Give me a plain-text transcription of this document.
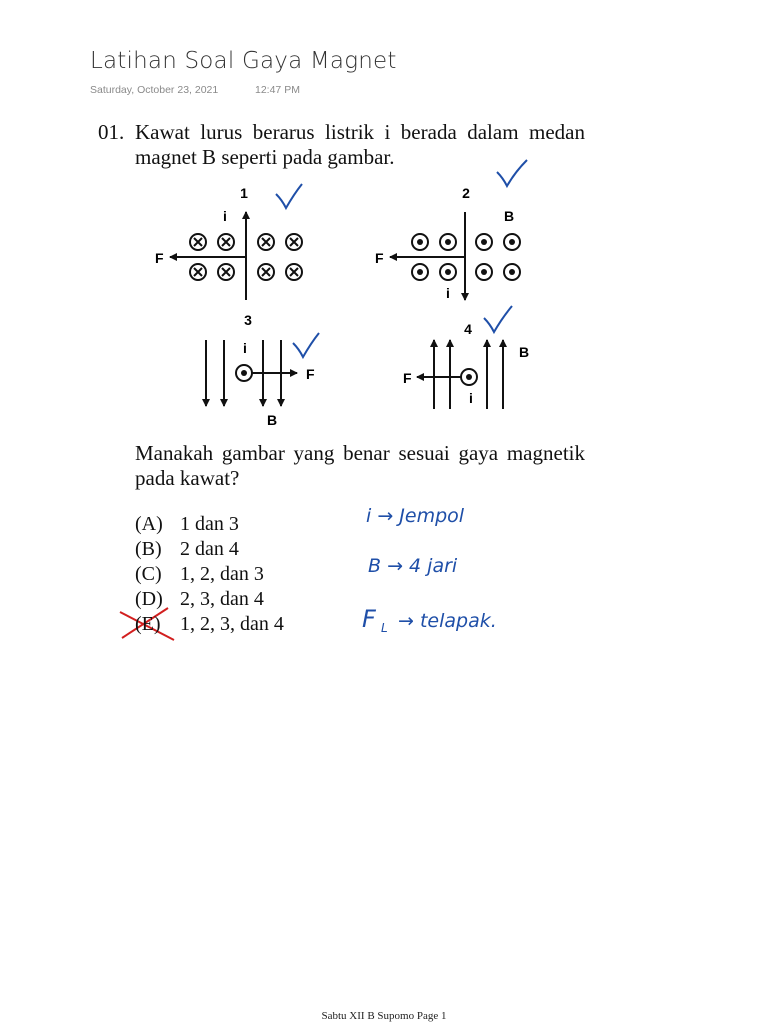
Latihan Soal Gaya Magnet
Saturday, October 23, 2021	12:47 PM
01. Kawat lurus berarus listrik i berada dalam medan magnet B seperti pada gambar.
1
i
F
2
B
F
i
3
i
F
B
4
B
F
i
i → Jempol
B → 4 jari
F L → telapak.
Manakah gambar yang benar sesuai gaya magnetik pada kawat?
(A) 1 dan 3
(B) 2 dan 4
(C) 1, 2, dan 3
(D) 2, 3, dan 4
(E) 1, 2, 3, dan 4
Sabtu XII B Supomo Page 1
